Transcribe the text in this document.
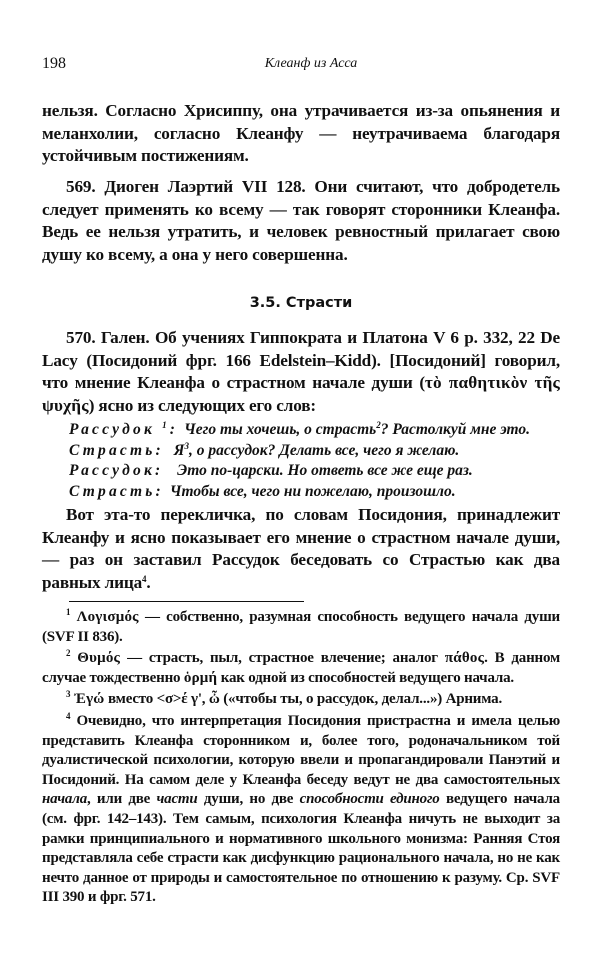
198	Клеанф из Асса

нельзя. Согласно Хрисиппу, она утрачивается из-за опьянения и меланхолии, согласно Клеанфу — неутрачиваема благодаря устойчивым постижениям.

569. Диоген Лаэртий VII 128. Они считают, что добродетель следует применять ко всему — так говорят сторонники Клеанфа. Ведь ее нельзя утратить, и человек ревностный прилагает свою душу ко всему, а она у него совершенна.

3.5. Страсти

570. Гален. Об учениях Гиппократа и Платона V 6 p. 332, 22 De Lacy (Посидоний фрг. 166 Edelstein–Kidd). [Посидоний] говорил, что мнение Клеанфа о страстном начале души (τὸ παθητικὸν τῆς ψυχῆς) ясно из следующих его слов:

Рассудок $^1$: Чего ты хочешь, о страсть$^2$? Растолкуй мне это.
Страсть: $Я^3$, о рассудок? Делать все, чего я желаю.
Рассудок: Это по-царски. Но ответь все же еще раз.
Страсть: Чтобы все, чего ни пожелаю, произошло.

Вот эта-то перекличка, по словам Посидония, принадлежит Клеанфу и ясно показывает его мнение о страстном начале души,— раз он заставил Рассудок беседовать со Страстью как два равных лица$^4$.

$^1$ Λογισμός — собственно, разумная способность ведущего начала души (SVF II 836).

$^2$ Θυμός — страсть, пыл, страстное влечение; аналог πάθος. В данном случае тождественно ὁρμή как одной из способностей ведущего начала.

$^3$ Ἐγώ вместо <σ>έ γ', ὦ («чтобы ты, о рассудок, делал...») Арнима.

$^4$ Очевидно, что интерпретация Посидония пристрастна и имела целью представить Клеанфа сторонником и, более того, родоначальником той дуалистической психологии, которую ввели и пропагандировали Панэтий и Посидоний. На самом деле у Клеанфа беседу ведут не два самостоятельных начала, или две части души, но две способности единого ведущего начала (см. фрг. 142–143). Тем самым, психология Клеанфа ничуть не выходит за рамки принципиального и нормативного школьного монизма: Ранняя Стоя представляла себе страсти как дисфункцию рационального начала, но не как нечто данное от природы и самостоятельное по отношению к разуму. Ср. SVF III 390 и фрг. 571.
